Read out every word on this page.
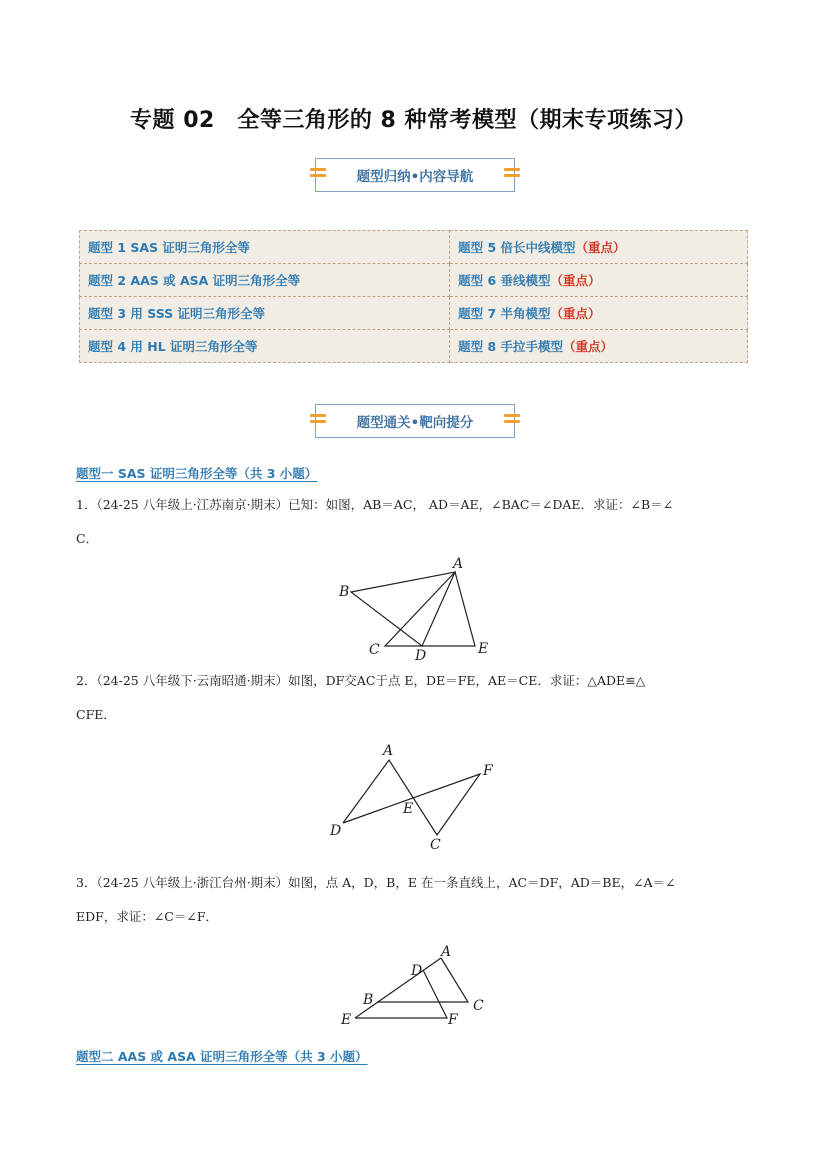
专题 02　全等三角形的 8 种常考模型（期末专项练习）
题型归纳•内容导航
题型 1 SAS 证明三角形全等	题型 5 倍长中线模型（重点）
题型 2 AAS 或 ASA 证明三角形全等	题型 6 垂线模型（重点）
题型 3 用 SSS 证明三角形全等	题型 7 半角模型（重点）
题型 4 用 HL 证明三角形全等	题型 8 手拉手模型（重点）
题型通关•靶向提分
题型一 SAS 证明三角形全等（共 3 小题）
1．（24-25 八年级上·江苏南京·期末）已知：如图，AB＝AC， AD＝AE，∠BAC＝∠DAE．求证：∠B＝∠
C．
A
B
C	D	E
2．（24-25 八年级下·云南昭通·期末）如图，DF交AC于点 E，DE＝FE，AE＝CE．求证：△ADE≌△
CFE．
A
F
E
D
C
3．（24-25 八年级上·浙江台州·期末）如图，点 A，D，B，E 在一条直线上，AC＝DF，AD＝BE，∠A＝∠
EDF，求证：∠C＝∠F．
A
D
B	C
E	F
题型二 AAS 或 ASA 证明三角形全等（共 3 小题）
